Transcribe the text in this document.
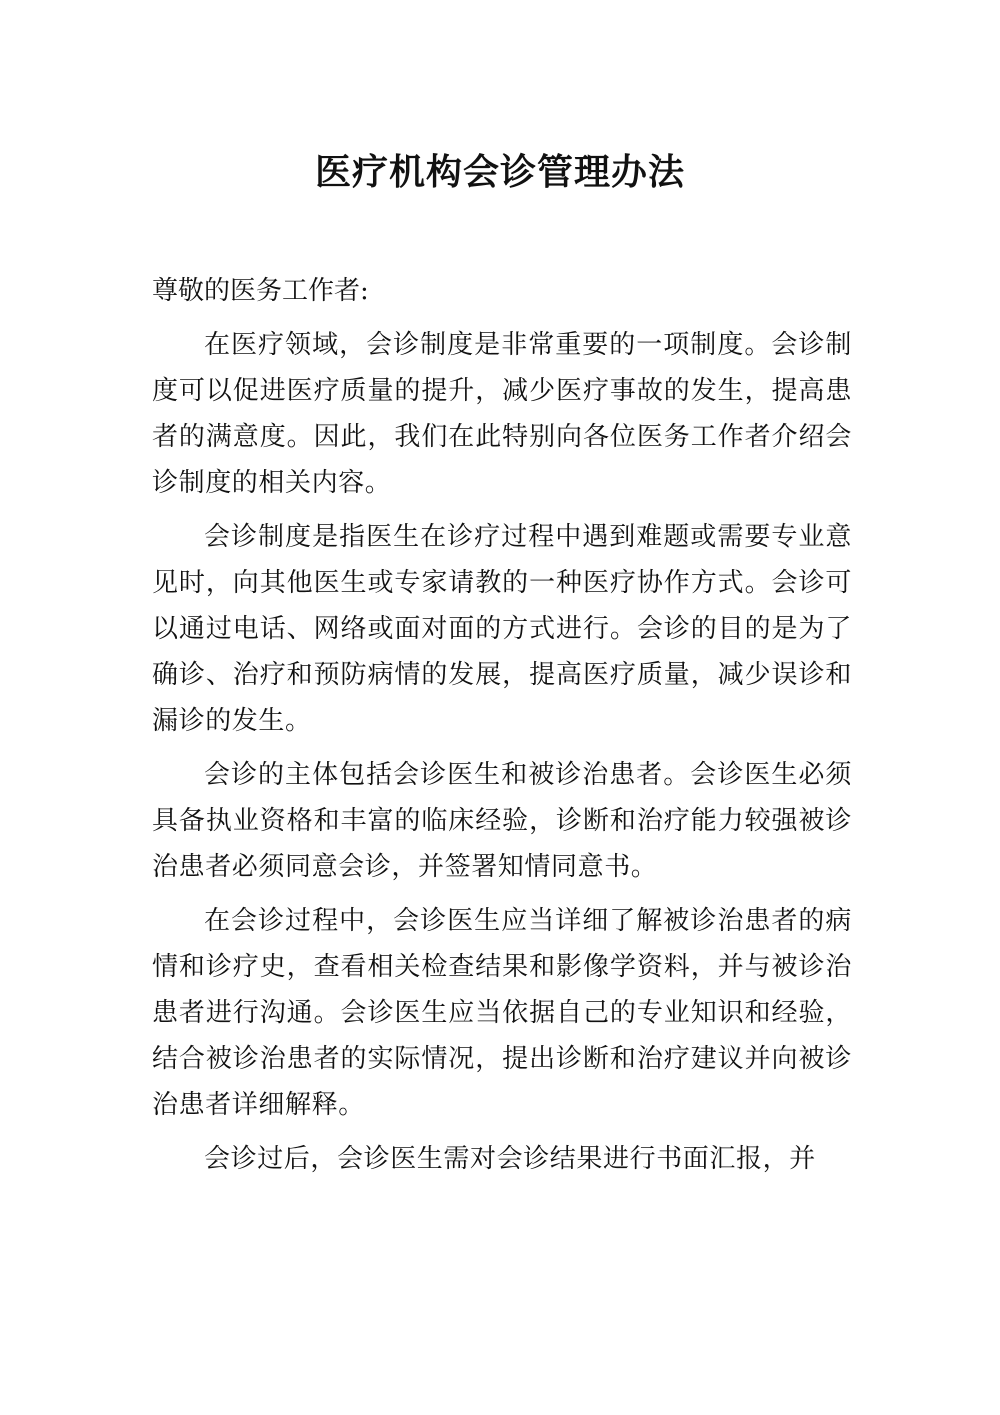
医疗机构会诊管理办法

尊敬的医务工作者:

在医疗领域，会诊制度是非常重要的一项制度。会诊制度可以促进医疗质量的提升，减少医疗事故的发生，提高患者的满意度。因此，我们在此特别向各位医务工作者介绍会诊制度的相关内容。

会诊制度是指医生在诊疗过程中遇到难题或需要专业意见时，向其他医生或专家请教的一种医疗协作方式。会诊可以通过电话、网络或面对面的方式进行。会诊的目的是为了确诊、治疗和预防病情的发展，提高医疗质量，减少误诊和漏诊的发生。

会诊的主体包括会诊医生和被诊治患者。会诊医生必须具备执业资格和丰富的临床经验，诊断和治疗能力较强被诊治患者必须同意会诊，并签署知情同意书。

在会诊过程中，会诊医生应当详细了解被诊治患者的病情和诊疗史，查看相关检查结果和影像学资料，并与被诊治患者进行沟通。会诊医生应当依据自己的专业知识和经验，结合被诊治患者的实际情况，提出诊断和治疗建议并向被诊治患者详细解释。

会诊过后，会诊医生需对会诊结果进行书面汇报，并
